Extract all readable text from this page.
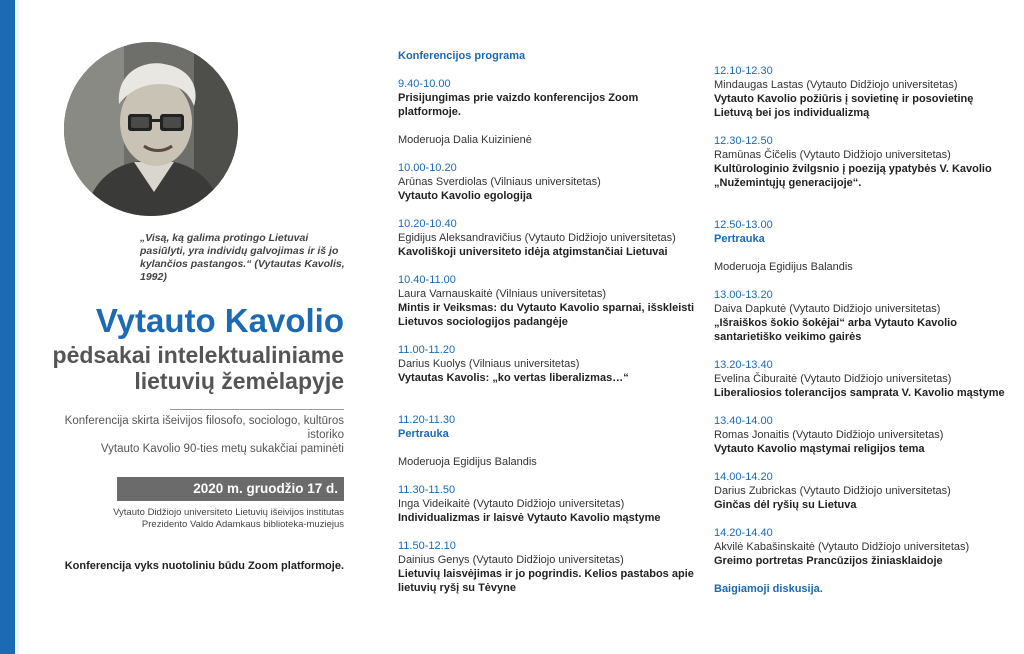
„Visą, ką galima protingo Lietuvai pasiūlyti, yra individų galvojimas ir iš jo kylančios pastangos.“ (Vytautas Kavolis, 1992)
Vytauto Kavolio
pėdsakai intelektualiniame
lietuvių žemėlapyje
Konferencija skirta išeivijos filosofo, sociologo, kultūros istoriko
Vytauto Kavolio 90-ties metų sukakčiai paminėti
2020 m. gruodžio 17 d.
Vytauto Didžiojo universiteto Lietuvių išeivijos institutas
Prezidento Valdo Adamkaus biblioteka-muziejus
Konferencija vyks nuotoliniu būdu Zoom platformoje.
Konferencijos programa
9.40-10.00
Prisijungimas prie vaizdo konferencijos Zoom platformoje.
Moderuoja Dalia Kuizinienė
10.00-10.20
Arūnas Sverdiolas (Vilniaus universitetas)
Vytauto Kavolio egologija
10.20-10.40
Egidijus Aleksandravičius (Vytauto Didžiojo universitetas)
Kavoliškoji universiteto idėja atgimstančiai Lietuvai
10.40-11.00
Laura Varnauskaitė (Vilniaus universitetas)
Mintis ir Veiksmas: du Vytauto Kavolio sparnai, išskleisti Lietuvos sociologijos padangėje
11.00-11.20
Darius Kuolys (Vilniaus universitetas)
Vytautas Kavolis: „ko vertas liberalizmas…“
11.20-11.30
Pertrauka
Moderuoja Egidijus Balandis
11.30-11.50
Inga Videikaitė (Vytauto Didžiojo universitetas)
Individualizmas ir laisvė Vytauto Kavolio mąstyme
11.50-12.10
Dainius Genys (Vytauto Didžiojo universitetas)
Lietuvių laisvėjimas ir jo pogrindis. Kelios pastabos apie lietuvių ryšį su Tėvyne
12.10-12.30
Mindaugas Lastas (Vytauto Didžiojo universitetas)
Vytauto Kavolio požiūris į sovietinę ir posovietinę Lietuvą bei jos individualizmą
12.30-12.50
Ramūnas Čičelis (Vytauto Didžiojo universitetas)
Kultūrologinio žvilgsnio į poeziją ypatybės V. Kavolio „Nužemintųjų generacijoje“.
12.50-13.00
Pertrauka
Moderuoja Egidijus Balandis
13.00-13.20
Daiva Dapkutė (Vytauto Didžiojo universitetas)
„Išraiškos šokio šokėjai“ arba Vytauto Kavolio santarietiško veikimo gairės
13.20-13.40
Evelina Čiburaitė (Vytauto Didžiojo universitetas)
Liberaliosios tolerancijos samprata V. Kavolio mąstyme
13.40-14.00
Romas Jonaitis (Vytauto Didžiojo universitetas)
Vytauto Kavolio mąstymai religijos tema
14.00-14.20
Darius Zubrickas (Vytauto Didžiojo universitetas)
Ginčas dėl ryšių su Lietuva
14.20-14.40
Akvilė Kabašinskaitė (Vytauto Didžiojo universitetas)
Greimo portretas Prancūzijos žiniasklaidoje
Baigiamoji diskusija.
